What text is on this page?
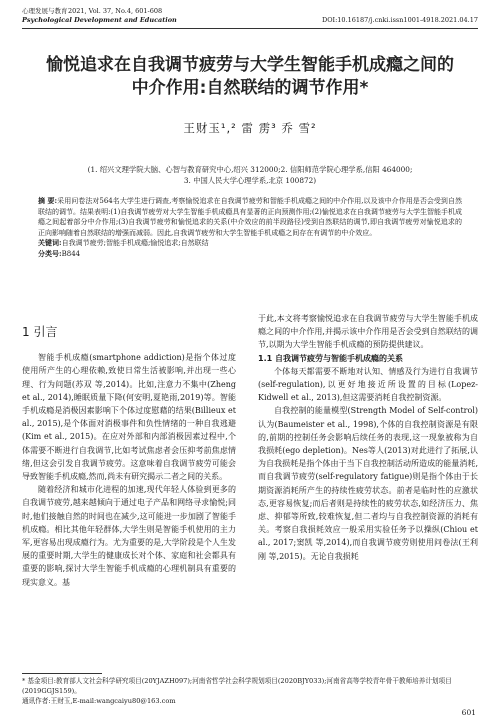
心理发展与教育
Psychological Development and Education	DOI:10.16187/j.cnki.issn1001-4918.2021.04.17
2021, Vol. 37, No.4, 601-608
愉悦追求在自我调节疲劳与大学生智能手机成瘾之间的
中介作用:自然联结的调节作用*
王财玉¹,² 雷 雳³ 乔 雪²
(1. 绍兴文理学院大脑、心智与教育研究中心,绍兴 312000;2. 信阳师范学院心理学系,信阳 464000;
3. 中国人民大学心理学系,北京 100872)
摘 要:采用问卷法对564名大学生进行调查,考察愉悦追求在自我调节疲劳和智能手机成瘾之间的中介作用,以及该中介作用是否会受到自然联结的调节。结果表明:(1)自我调节疲劳对大学生智能手机成瘾具有显著的正向预测作用;(2)愉悦追求在自我调节疲劳与大学生智能手机成瘾之间起着部分中介作用;(3)自我调节疲劳和愉悦追求的关系(中介效应的前半段路径)受到自然联结的调节,即自我调节疲劳对愉悦追求的正向影响随着自然联结的增强而减弱。因此,自我调节疲劳和大学生智能手机成瘾之间存在有调节的中介效应。
关键词:自我调节疲劳;智能手机成瘾;愉悦追求;自然联结
分类号:B844
1 引言

智能手机成瘾(smartphone addiction)是指个体过度使用所产生的心理依赖,致使日常生活被影响,并出现一些心理、行为问题(苏双 等,2014)。比如,注意力不集中(Zheng et al., 2014),睡眠质量下降(何安明,夏艳雨,2019)等。智能手机成瘾是消极因素影响下个体过度慰藉的结果(Billieux et al., 2015),是个体面对消极事件和负性情绪的一种自我逃避(Kim et al., 2015)。在应对外部和内部消极因素过程中,个体需要不断进行自我调节,比如考试焦虑者会压抑考前焦虑情绪,但这会引发自我调节疲劳。这意味着自我调节疲劳可能会导致智能手机成瘾,然而,尚未有研究揭示二者之间的关系。

随着经济和城市化进程的加速,现代年轻人体验到更多的自我调节疲劳,越来越倾向于通过电子产品和网络寻求愉悦;同时,他们接触自然的时间也在减少,这可能进一步加剧了智能手机成瘾。相比其他年轻群体,大学生则是智能手机使用的主力军,更容易出现成瘾行为。尤为重要的是,大学阶段是个人生发展的重要时期,大学生的健康成长对个体、家庭和社会都具有重要的影响,探讨大学生智能手机成瘾的心理机制具有重要的现实意义。基

于此,本文将考察愉悦追求在自我调节疲劳与大学生智能手机成瘾之间的中介作用,并揭示该中介作用是否会受到自然联结的调节,以期为大学生智能手机成瘾的预防提供建议。

1.1 自我调节疲劳与智能手机成瘾的关系

个体每天都需要不断地对认知、情感及行为进行自我调节(self-regulation),以更好地接近所设置的目标(Lopez-Kidwell et al., 2013),但这需要消耗自我控制资源。

自我控制的能量模型(Strength Model of Self-control)认为(Baumeister et al., 1998),个体的自我控制资源是有限的,前期的控制任务会影响后续任务的表现,这一现象被称为自我损耗(ego depletion)。Nes等人(2013)对此进行了拓展,认为自我损耗是指个体由于当下自我控制活动所造成的能量消耗,而自我调节疲劳(self-regulatory fatigue)则是指个体由于长期资源消耗所产生的持续性疲劳状态。前者是临时性的应激状态,更容易恢复;而后者则是持续性的疲劳状态,如经济压力、焦虑、抑郁等所致,较难恢复,但二者均与自我控制资源的消耗有关。考察自我损耗效应一般采用实验任务予以操纵(Chiou et al., 2017;窦凯 等,2014),而自我调节疲劳则使用问卷法(王利刚 等,2015)。无论自我损耗

* 基金项目:教育部人文社会科学研究项目(20YJAZH097);河南省哲学社会科学规划项目(2020BJY033);河南省高等学校青年骨干教师培养计划项目(2019GGJS159)。
通讯作者:王财玉,E-mail:wangcaiyu80@163.com
601
